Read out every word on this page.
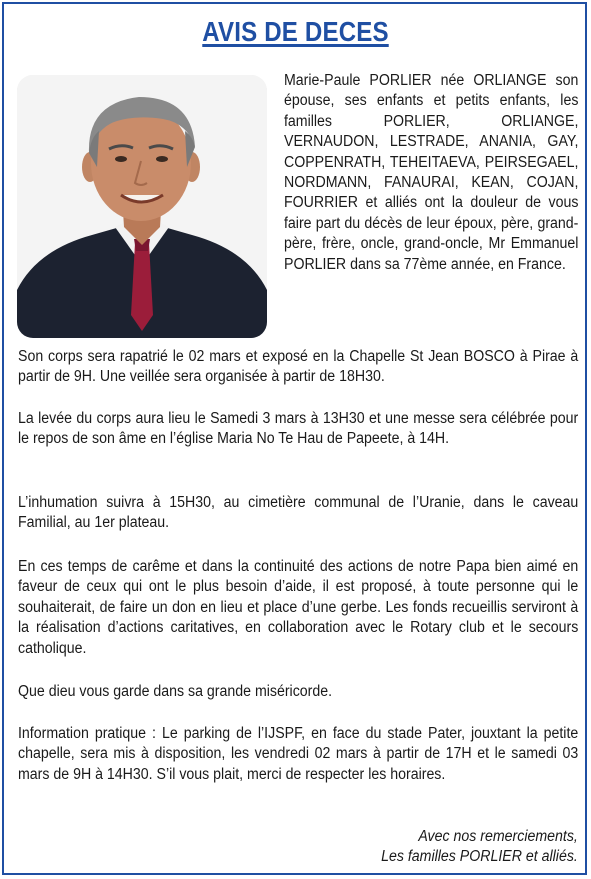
AVIS DE DECES
Marie-Paule PORLIER née ORLIANGE son épouse, ses enfants et petits enfants, les familles PORLIER, ORLIANGE, VERNAUDON, LESTRADE, ANANIA, GAY, COPPENRATH, TEHEITAEVA, PEIRSEGAEL, NORDMANN, FANAURAI, KEAN, COJAN, FOURRIER et alliés ont la douleur de vous faire part du décès de leur époux, père, grand-père, frère, oncle, grand-oncle, Mr Emmanuel PORLIER dans sa 77ème année, en France.
Son corps sera rapatrié le 02 mars et exposé en la Chapelle St Jean BOSCO à Pirae à partir de 9H. Une veillée sera organisée à partir de 18H30.
La levée du corps aura lieu le Samedi 3 mars à 13H30 et une messe sera célébrée pour le repos de son âme en l’église Maria No Te Hau de Papeete, à 14H.
L’inhumation suivra à 15H30, au cimetière communal de l’Uranie, dans le caveau Familial, au 1er plateau.
En ces temps de carême et dans la continuité des actions de notre Papa bien aimé en faveur de ceux qui ont le plus besoin d’aide, il est proposé, à toute personne qui le souhaiterait, de faire un don en lieu et place d’une gerbe. Les fonds recueillis serviront à la réalisation d’actions caritatives, en collaboration avec le Rotary club et le secours catholique.
Que dieu vous garde dans sa grande miséricorde.
Information pratique : Le parking de l’IJSPF, en face du stade Pater, jouxtant la petite chapelle, sera mis à disposition, les vendredi 02 mars à partir de 17H et le samedi 03 mars de 9H à 14H30. S’il vous plait, merci de respecter les horaires.
Avec nos remerciements,
Les familles PORLIER et alliés.
